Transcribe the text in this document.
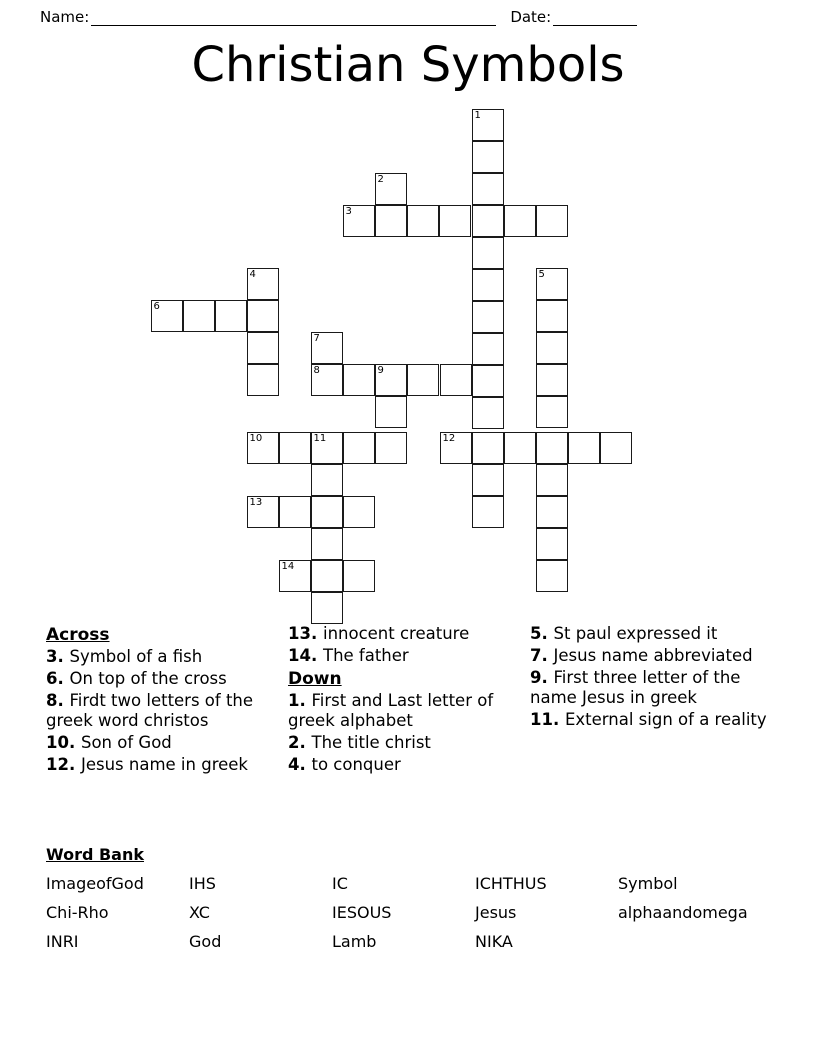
Name:	Date:
Christian Symbols
1
2
3
4	5
6
7
8	9
10	11	12
13
14
Across
3. Symbol of a fish
6. On top of the cross
8. Firdt two letters of the greek word christos
10. Son of God
12. Jesus name in greek
13. innocent creature
14. The father
Down
1. First and Last letter of greek alphabet
2. The title christ
4. to conquer
5. St paul expressed it
7. Jesus name abbreviated
9. First three letter of the name Jesus in greek
11. External sign of a reality
Word Bank
ImageofGod	IHS	IC	ICHTHUS	Symbol
Chi-Rho	XC	IESOUS	Jesus	alphaandomega
INRI	God	Lamb	NIKA
